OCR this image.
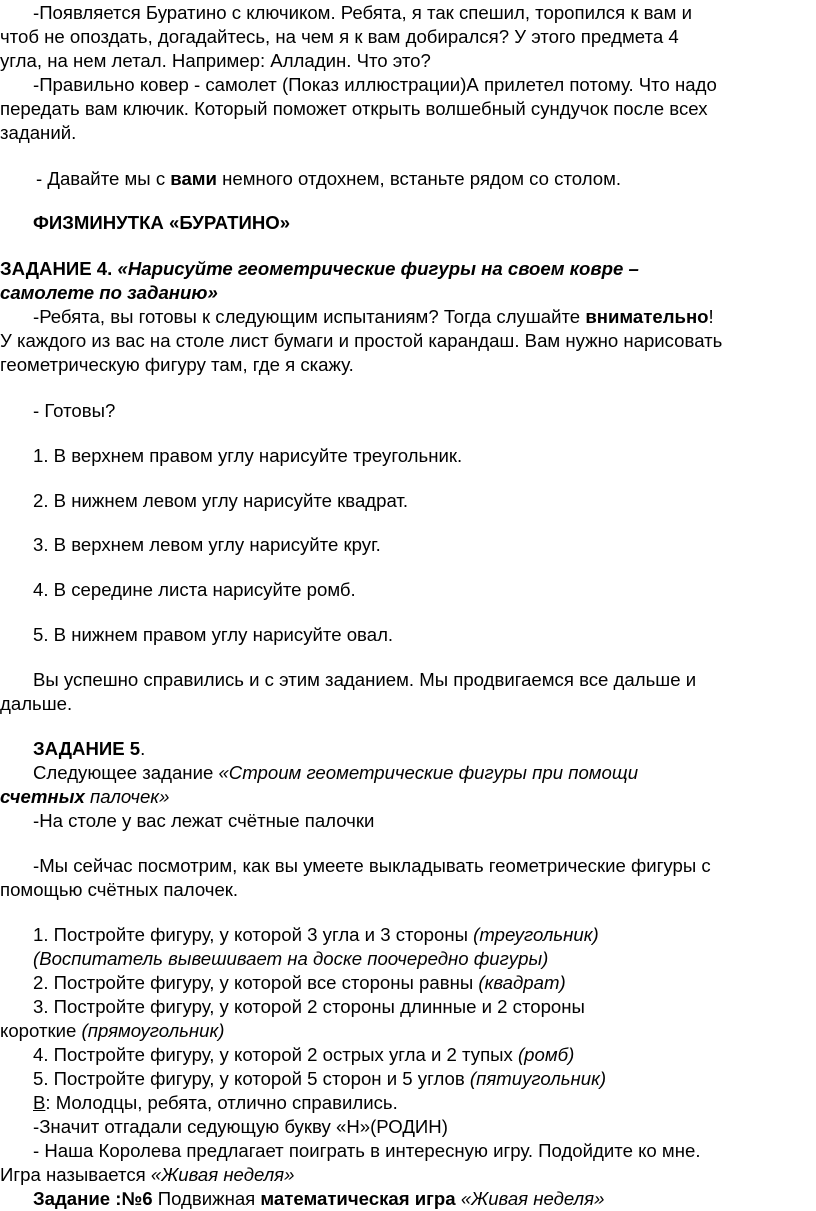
-Появляется Буратино с ключиком. Ребята, я так спешил, торопился к вам и
чтоб не опоздать, догадайтесь, на чем я к вам добирался? У этого предмета 4
угла, на нем летал. Например: Алладин. Что это?
-Правильно ковер - самолет (Показ иллюстрации)А прилетел потому. Что надо
передать вам ключик. Который поможет открыть волшебный сундучок после всех
заданий.
- Давайте мы с вами немного отдохнем, встаньте рядом со столом.
ФИЗМИНУТКА «БУРАТИНО»
ЗАДАНИЕ 4. «Нарисуйте геометрические фигуры на своем ковре –
самолете по заданию»
-Ребята, вы готовы к следующим испытаниям? Тогда слушайте внимательно!
У каждого из вас на столе лист бумаги и простой карандаш. Вам нужно нарисовать
геометрическую фигуру там, где я скажу.
- Готовы?
1. В верхнем правом углу нарисуйте треугольник.
2. В нижнем левом углу нарисуйте квадрат.
3. В верхнем левом углу нарисуйте круг.
4. В середине листа нарисуйте ромб.
5. В нижнем правом углу нарисуйте овал.
Вы успешно справились и с этим заданием. Мы продвигаемся все дальше и
дальше.
ЗАДАНИЕ 5.
Следующее задание «Строим геометрические фигуры при помощи
счетных палочек»
-На столе у вас лежат счётные палочки
-Мы сейчас посмотрим, как вы умеете выкладывать геометрические фигуры с
помощью счётных палочек.
1. Постройте фигуру, у которой 3 угла и 3 стороны (треугольник)
(Воспитатель вывешивает на доске поочередно фигуры)
2. Постройте фигуру, у которой все стороны равны (квадрат)
3. Постройте фигуру, у которой 2 стороны длинные и 2 стороны
короткие (прямоугольник)
4. Постройте фигуру, у которой 2 острых угла и 2 тупых (ромб)
5. Постройте фигуру, у которой 5 сторон и 5 углов (пятиугольник)
В: Молодцы, ребята, отлично справились.
-Значит отгадали седующую букву «Н»(РОДИН)
- Наша Королева предлагает поиграть в интересную игру. Подойдите ко мне.
Игра называется «Живая неделя»
Задание :№6 Подвижная математическая игра «Живая неделя»
